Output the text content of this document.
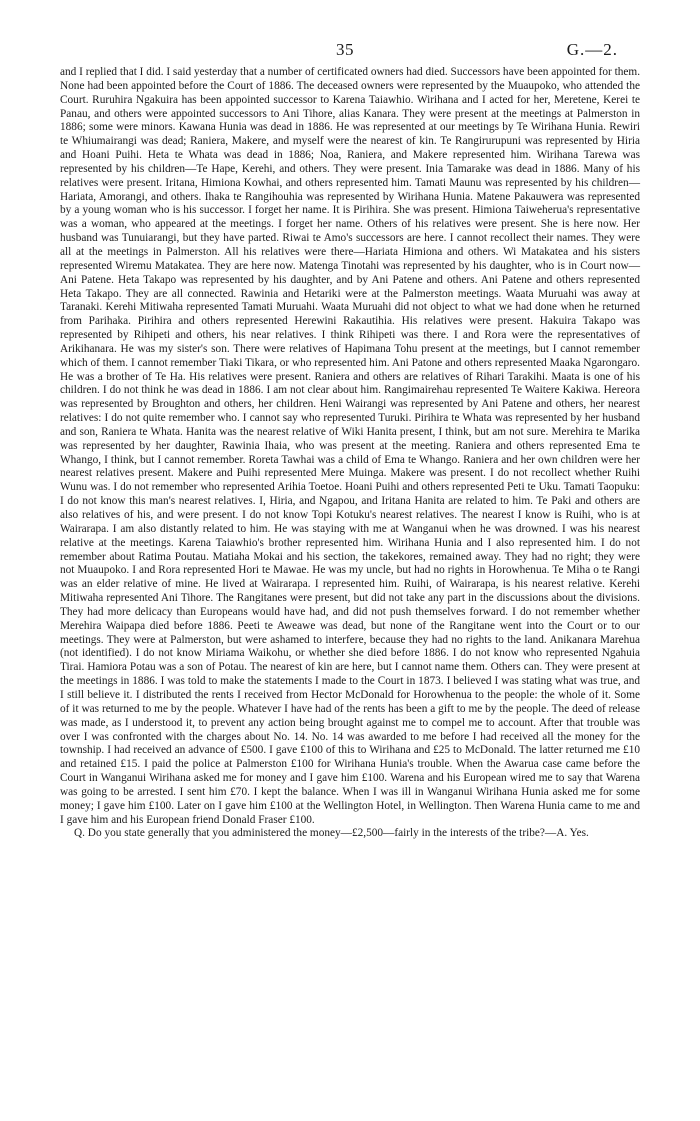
35	G.—2.

and I replied that I did. I said yesterday that a number of certificated owners had died. Successors have been appointed for them. None had been appointed before the Court of 1886. The deceased owners were represented by the Muaupoko, who attended the Court. Ruruhira Ngakuira has been appointed successor to Karena Taiawhio. Wirihana and I acted for her, Meretene, Kerei te Panau, and others were appointed successors to Ani Tihore, alias Kanara. They were present at the meetings at Palmerston in 1886; some were minors. Kawana Hunia was dead in 1886. He was represented at our meetings by Te Wirihana Hunia. Rewiri te Whiumairangi was dead; Raniera, Makere, and myself were the nearest of kin. Te Rangirurupuni was represented by Hiria and Hoani Puihi. Heta te Whata was dead in 1886; Noa, Raniera, and Makere represented him. Wirihana Tarewa was represented by his children—Te Hape, Kerehi, and others. They were present. Inia Tamarake was dead in 1886. Many of his relatives were present. Iritana, Himiona Kowhai, and others represented him. Tamati Maunu was represented by his children—Hariata, Amorangi, and others. Ihaka te Rangihouhia was represented by Wirihana Hunia. Matene Pakauwera was represented by a young woman who is his successor. I forget her name. It is Pirihira. She was present. Himiona Taiweherua's representative was a woman, who appeared at the meetings. I forget her name. Others of his relatives were present. She is here now. Her husband was Tunuiarangi, but they have parted. Riwai te Amo's successors are here. I cannot recollect their names. They were all at the meetings in Palmerston. All his relatives were there—Hariata Himiona and others. Wi Matakatea and his sisters represented Wiremu Matakatea. They are here now. Matenga Tinotahi was represented by his daughter, who is in Court now—Ani Patene. Heta Takapo was represented by his daughter, and by Ani Patene and others. Ani Patene and others represented Heta Takapo. They are all connected. Rawinia and Hetariki were at the Palmerston meetings. Waata Muruahi was away at Taranaki. Kerehi Mitiwaha represented Tamati Muruahi. Waata Muruahi did not object to what we had done when he returned from Parihaka. Pirihira and others represented Herewini Rakautihia. His relatives were present. Hakuira Takapo was represented by Rihipeti and others, his near relatives. I think Rihipeti was there. I and Rora were the representatives of Arikihanara. He was my sister's son. There were relatives of Hapimana Tohu present at the meetings, but I cannot remember which of them. I cannot remember Tiaki Tikara, or who represented him. Ani Patone and others represented Maaka Ngarongaro. He was a brother of Te Ha. His relatives were present. Raniera and others are relatives of Rihari Tarakihi. Maata is one of his children. I do not think he was dead in 1886. I am not clear about him. Rangimairehau represented Te Waitere Kakiwa. Hereora was represented by Broughton and others, her children. Heni Wairangi was represented by Ani Patene and others, her nearest relatives: I do not quite remember who. I cannot say who represented Turuki. Pirihira te Whata was represented by her husband and son, Raniera te Whata. Hanita was the nearest relative of Wiki Hanita present, I think, but am not sure. Merehira te Marika was represented by her daughter, Rawinia Ihaia, who was present at the meeting. Raniera and others represented Ema te Whango, I think, but I cannot remember. Roreta Tawhai was a child of Ema te Whango. Raniera and her own children were her nearest relatives present. Makere and Puihi represented Mere Muinga. Makere was present. I do not recollect whether Ruihi Wunu was. I do not remember who represented Arihia Toetoe. Hoani Puihi and others represented Peti te Uku. Tamati Taopuku: I do not know this man's nearest relatives. I, Hiria, and Ngapou, and Iritana Hanita are related to him. Te Paki and others are also relatives of his, and were present. I do not know Topi Kotuku's nearest relatives. The nearest I know is Ruihi, who is at Wairarapa. I am also distantly related to him. He was staying with me at Wanganui when he was drowned. I was his nearest relative at the meetings. Karena Taiawhio's brother represented him. Wirihana Hunia and I also represented him. I do not remember about Ratima Poutau. Matiaha Mokai and his section, the takekores, remained away. They had no right; they were not Muaupoko. I and Rora represented Hori te Mawae. He was my uncle, but had no rights in Horowhenua. Te Miha o te Rangi was an elder relative of mine. He lived at Wairarapa. I represented him. Ruihi, of Wairarapa, is his nearest relative. Kerehi Mitiwaha represented Ani Tihore. The Rangitanes were present, but did not take any part in the discussions about the divisions. They had more delicacy than Europeans would have had, and did not push themselves forward. I do not remember whether Merehira Waipapa died before 1886. Peeti te Aweawe was dead, but none of the Rangitane went into the Court or to our meetings. They were at Palmerston, but were ashamed to interfere, because they had no rights to the land. Anikanara Marehua (not identified). I do not know Miriama Waikohu, or whether she died before 1886. I do not know who represented Ngahuia Tirai. Hamiora Potau was a son of Potau. The nearest of kin are here, but I cannot name them. Others can. They were present at the meetings in 1886. I was told to make the statements I made to the Court in 1873. I believed I was stating what was true, and I still believe it. I distributed the rents I received from Hector McDonald for Horowhenua to the people: the whole of it. Some of it was returned to me by the people. Whatever I have had of the rents has been a gift to me by the people. The deed of release was made, as I understood it, to prevent any action being brought against me to compel me to account. After that trouble was over I was confronted with the charges about No. 14. No. 14 was awarded to me before I had received all the money for the township. I had received an advance of £500. I gave £100 of this to Wirihana and £25 to McDonald. The latter returned me £10 and retained £15. I paid the police at Palmerston £100 for Wirihana Hunia's trouble. When the Awarua case came before the Court in Wanganui Wirihana asked me for money and I gave him £100. Warena and his European wired me to say that Warena was going to be arrested. I sent him £70. I kept the balance. When I was ill in Wanganui Wirihana Hunia asked me for some money; I gave him £100. Later on I gave him £100 at the Wellington Hotel, in Wellington. Then Warena Hunia came to me and I gave him and his European friend Donald Fraser £100.

Q. Do you state generally that you administered the money—£2,500—fairly in the interests of the tribe?—A. Yes.
